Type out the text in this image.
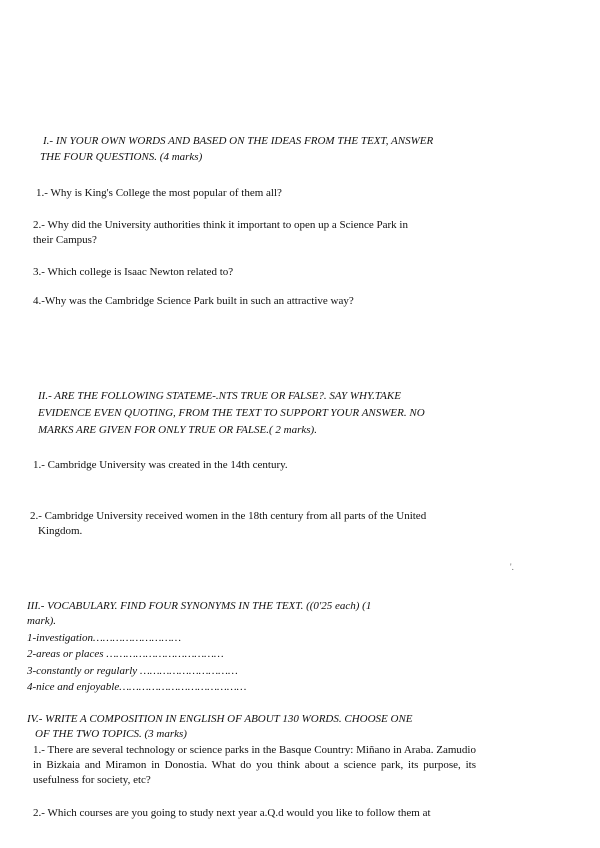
I.- IN YOUR OWN WORDS AND BASED ON THE IDEAS FROM THE TEXT, ANSWER
THE FOUR QUESTIONS. (4 marks)
1.- Why is King's College the most popular of them all?
2.- Why did the University authorities think it important to open up a Science Park in
their Campus?
3.- Which college is Isaac Newton related to?
4.-Why was the Cambridge Science Park built in such an attractive way?
II.- ARE THE FOLLOWING STATEME-.NTS TRUE OR FALSE?. SAY WHY.TAKE
EVIDENCE EVEN QUOTING, FROM THE TEXT TO SUPPORT YOUR ANSWER. NO
MARKS ARE GIVEN FOR ONLY TRUE OR FALSE.( 2 marks).
1.- Cambridge University was created in the 14th century.
2.- Cambridge University received women in the 18th century from all parts of the United
Kingdom.
'.
III.- VOCABULARY. FIND FOUR SYNONYMS IN THE TEXT. ((0'25 each) (1
mark).
1-investigation………………………
2-areas or places ………………………………
3-constantly or regularly …………………………
4-nice and enjoyable…………………………………
IV.- WRITE A COMPOSITION IN ENGLISH OF ABOUT 130 WORDS. CHOOSE ONE
OF THE TWO TOPICS. (3 marks)
1.- There are several technology or science parks in the Basque Country: Miñano in Araba. Zamudio in Bizkaia and Miramon in Donostia. What do you think about a science park, its purpose, its usefulness for society, etc?
2.- Which courses are you going to study next year a.Q.d would you like to follow them at
